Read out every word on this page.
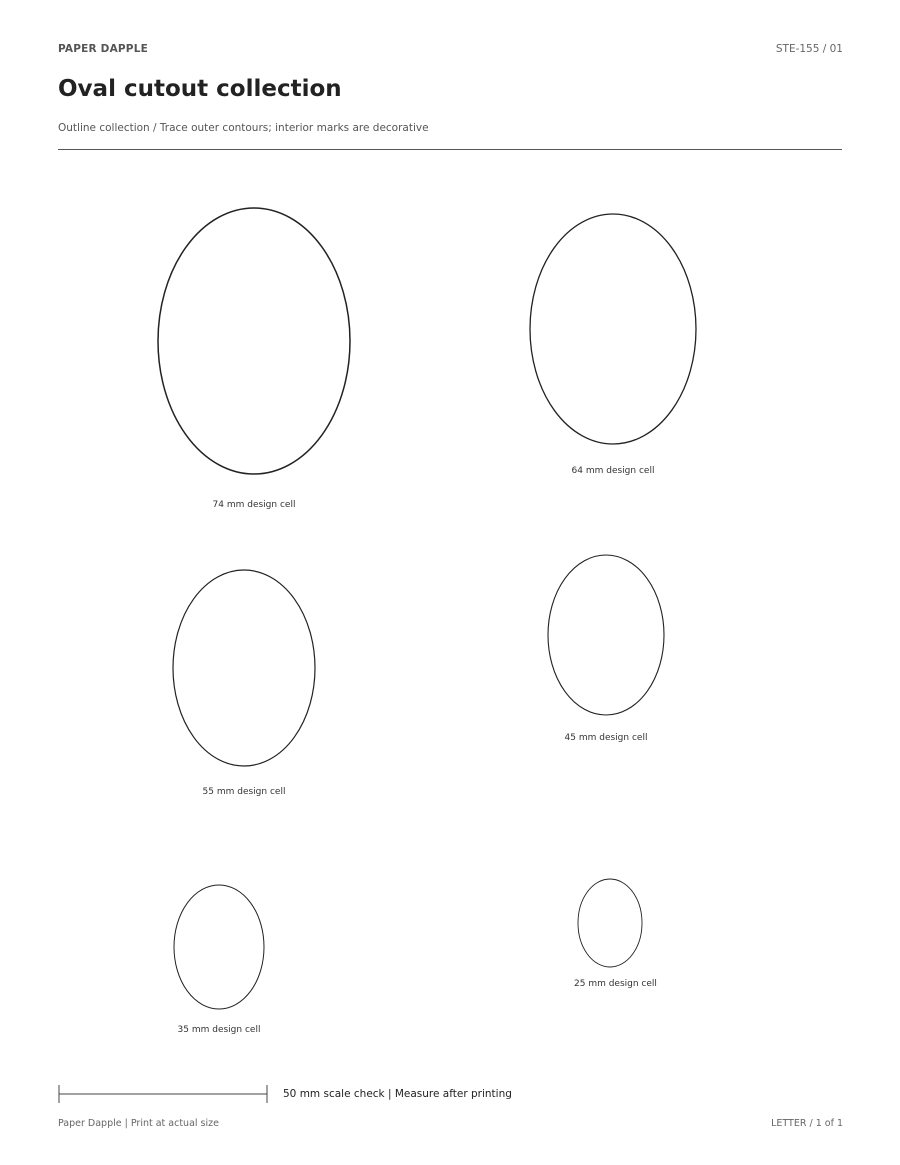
PAPER DAPPLE	STE-155 / 01
Oval cutout collection
Outline collection / Trace outer contours; interior marks are decorative
74 mm design cell
64 mm design cell
55 mm design cell
45 mm design cell
35 mm design cell
25 mm design cell
50 mm scale check | Measure after printing
Paper Dapple | Print at actual size	LETTER / 1 of 1
